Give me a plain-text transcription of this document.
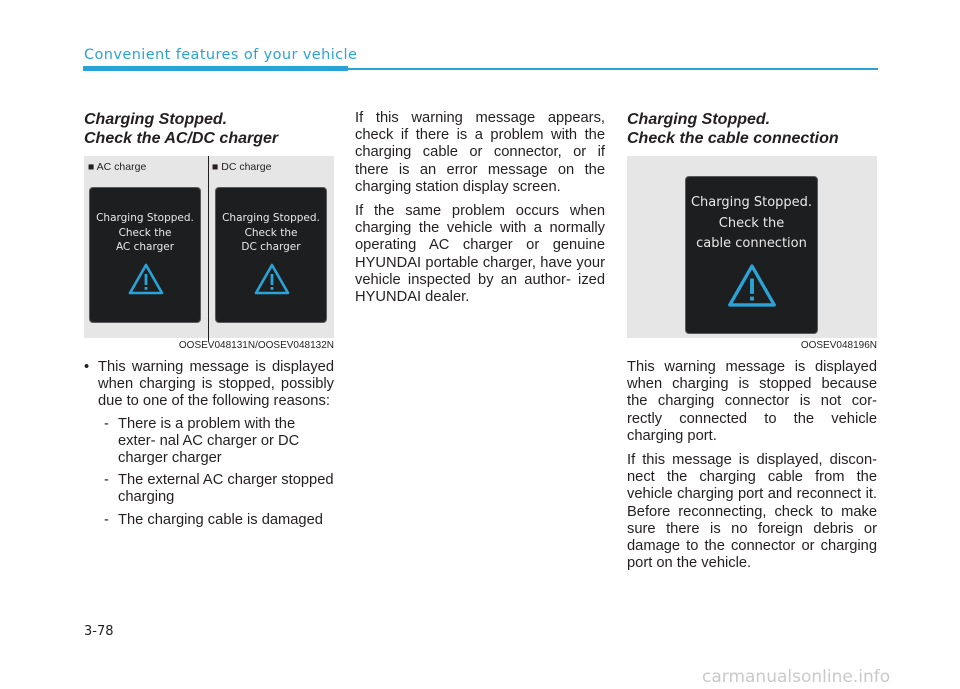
Convenient features of your vehicle
Charging Stopped.
Check the AC/DC charger
■ AC charge	■ DC charge
Charging Stopped.
Check the
AC charger
Charging Stopped.
Check the
DC charger
OOSEV048131N/OOSEV048132N
• This warning message is displayed when charging is stopped, possibly due to one of the following reasons:
- There is a problem with the exter- nal AC charger or DC charger charger
- The external AC charger stopped charging
- The charging cable is damaged

If this warning message appears, check if there is a problem with the charging cable or connector, or if there is an error message on the charging station display screen.

If the same problem occurs when charging the vehicle with a normally operating AC charger or genuine HYUNDAI portable charger, have your vehicle inspected by an author- ized HYUNDAI dealer.

Charging Stopped.
Check the cable connection
Charging Stopped.
Check the
cable connection
OOSEV048196N

This warning message is displayed when charging is stopped because the charging connector is not cor- rectly connected to the vehicle charging port.

If this message is displayed, discon- nect the charging cable from the vehicle charging port and reconnect it. Before reconnecting, check to make sure there is no foreign debris or damage to the connector or charging port on the vehicle.

3-78
carmanualsonline.info
